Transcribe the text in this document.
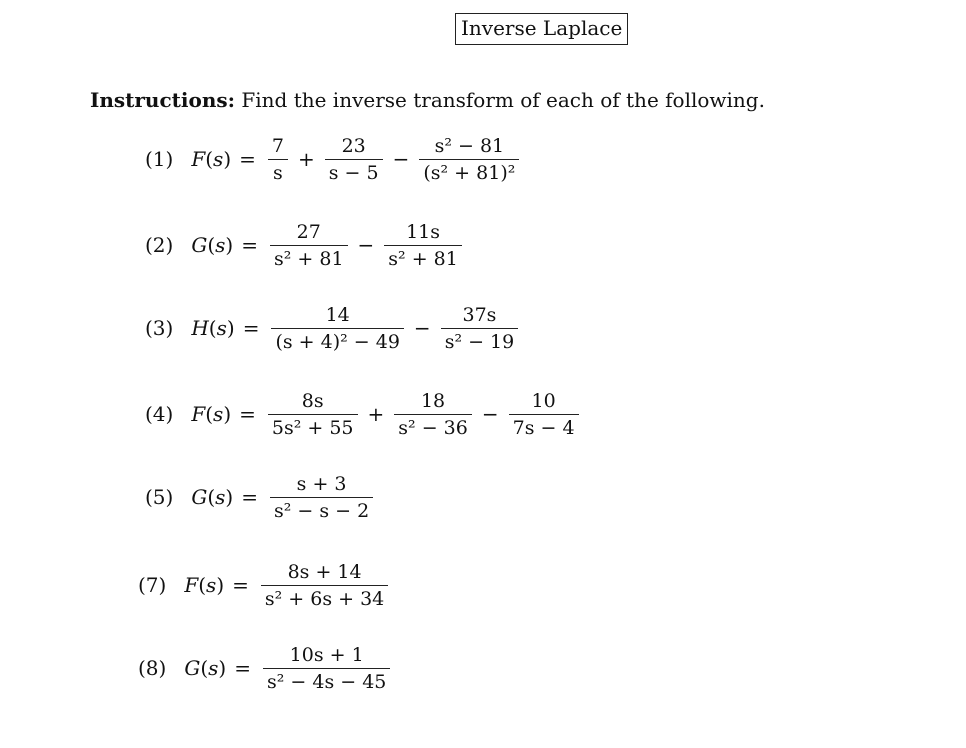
Inverse Laplace
Instructions: Find the inverse transform of each of the following.
(1) $F(s) = \frac{7}{s} + \frac{23}{s - 5} - \frac{\text{s² − 81}}{\text{(s² + 81)²}}$
(2) $G(s) = \frac{27}{\text{s² + 81}} - \frac{11s}{\text{s² + 81}}$
(3) $H(s) = \frac{14}{\text{(s + 4)² − 49}} - \frac{37s}{\text{s² − 19}}$
(4) $F(s) = \frac{8s}{\text{5s² + 55}} + \frac{18}{\text{s² − 36}} - \frac{10}{7s - 4}$
(5) $G(s) = \frac{s + 3}{\text{s² − s − 2}}$
(7) $F(s) = \frac{8s + 14}{\text{s² + 6s + 34}}$
(8) $G(s) = \frac{10s + 1}{\text{s² − 4s − 45}}$
